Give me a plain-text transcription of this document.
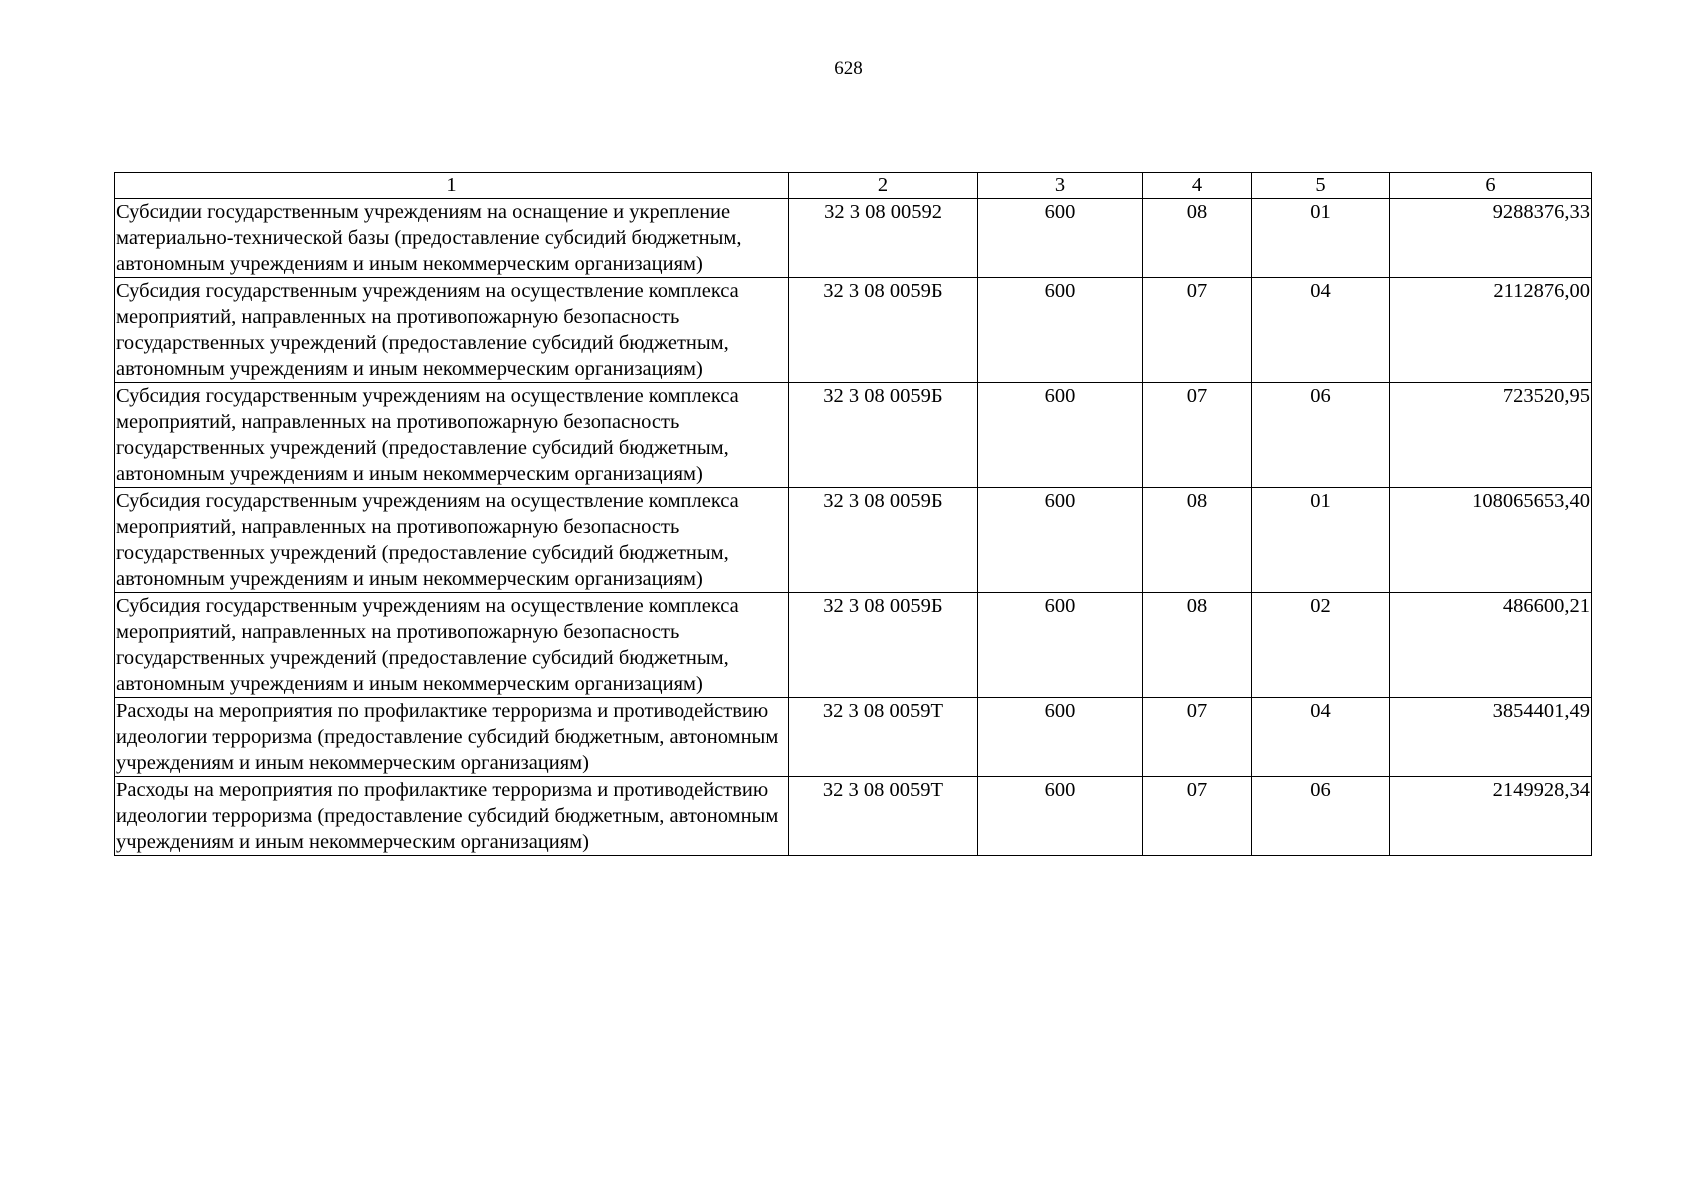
628
1	2	3	4	5	6
Субсидии государственным учреждениям на оснащение и укрепление материально-технической базы (предоставление субсидий бюджетным, автономным учреждениям и иным некоммерческим организациям)	32 3 08 00592	600	08	01	9288376,33
Субсидия государственным учреждениям на осуществление комплекса мероприятий, направленных на противопожарную безопасность государственных учреждений (предоставление субсидий бюджетным, автономным учреждениям и иным некоммерческим организациям)	32 3 08 0059Б	600	07	04	2112876,00
Субсидия государственным учреждениям на осуществление комплекса мероприятий, направленных на противопожарную безопасность государственных учреждений (предоставление субсидий бюджетным, автономным учреждениям и иным некоммерческим организациям)	32 3 08 0059Б	600	07	06	723520,95
Субсидия государственным учреждениям на осуществление комплекса мероприятий, направленных на противопожарную безопасность государственных учреждений (предоставление субсидий бюджетным, автономным учреждениям и иным некоммерческим организациям)	32 3 08 0059Б	600	08	01	108065653,40
Субсидия государственным учреждениям на осуществление комплекса мероприятий, направленных на противопожарную безопасность государственных учреждений (предоставление субсидий бюджетным, автономным учреждениям и иным некоммерческим организациям)	32 3 08 0059Б	600	08	02	486600,21
Расходы на мероприятия по профилактике терроризма и противодействию идеологии терроризма (предоставление субсидий бюджетным, автономным учреждениям и иным некоммерческим организациям)	32 3 08 0059Т	600	07	04	3854401,49
Расходы на мероприятия по профилактике терроризма и противодействию идеологии терроризма (предоставление субсидий бюджетным, автономным учреждениям и иным некоммерческим организациям)	32 3 08 0059Т	600	07	06	2149928,34
